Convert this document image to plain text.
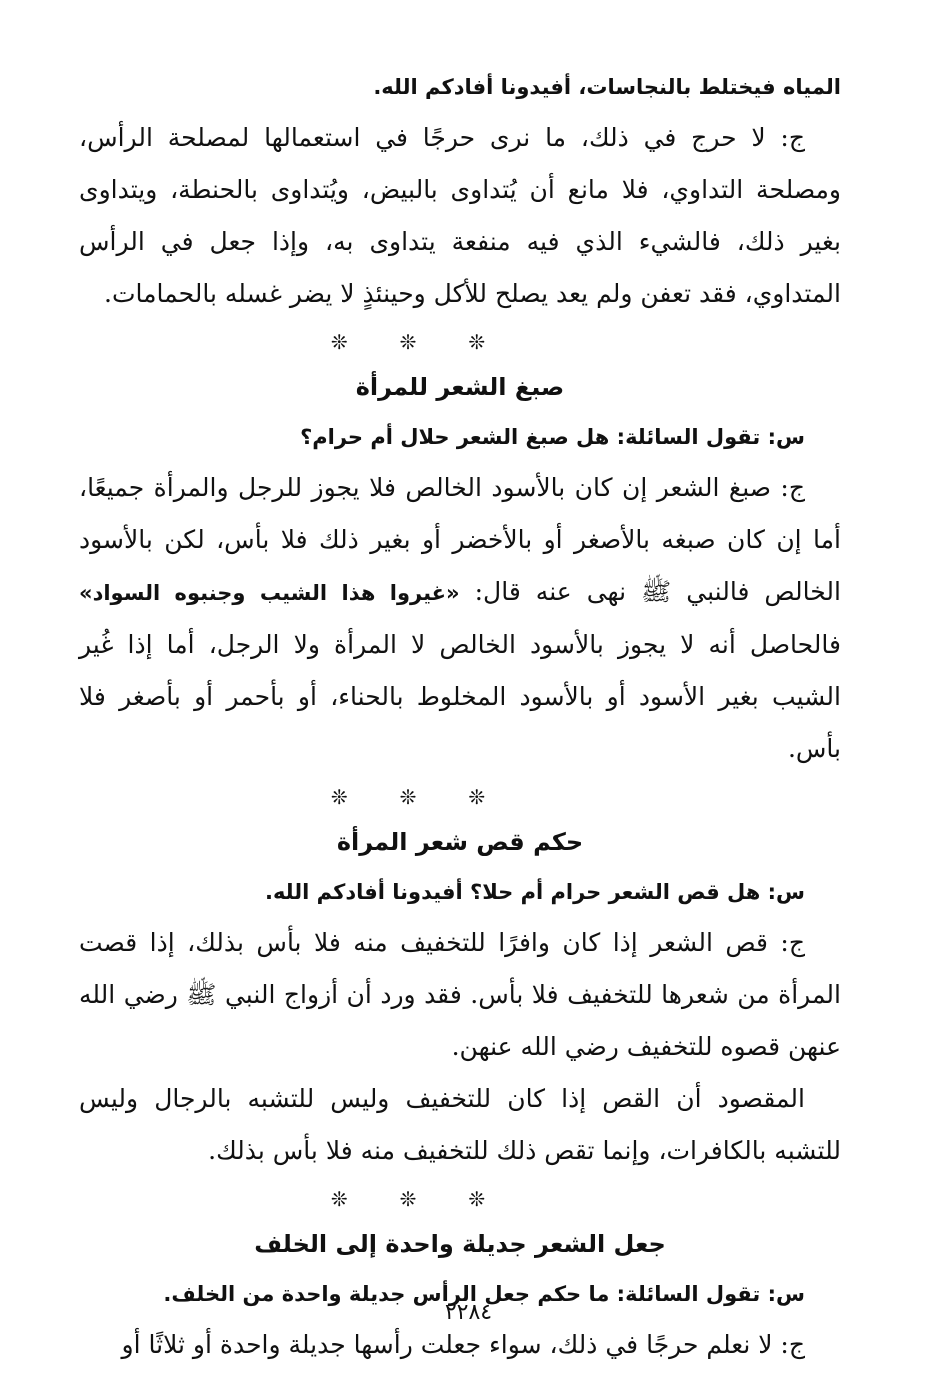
المياه فيختلط بالنجاسات، أفيدونا أفادكم الله.

ج: لا حرج في ذلك، ما نرى حرجًا في استعمالها لمصلحة الرأس، ومصلحة التداوي، فلا مانع أن يُتداوى بالبيض، ويُتداوى بالحنطة، ويتداوى بغير ذلك، فالشيء الذي فيه منفعة يتداوى به، وإذا جعل في الرأس المتداوي، فقد تعفن ولم يعد يصلح للأكل وحينئذٍ لا يضر غسله بالحمامات.

❊❊❊
صبغ الشعر للمرأة

س: تقول السائلة: هل صبغ الشعر حلال أم حرام؟

ج: صبغ الشعر إن كان بالأسود الخالص فلا يجوز للرجل والمرأة جميعًا، أما إن كان صبغه بالأصغر أو بالأخضر أو بغير ذلك فلا بأس، لكن بالأسود الخالص فالنبي ﷺ نهى عنه قال: «غيروا هذا الشيب وجنبوه السواد» فالحاصل أنه لا يجوز بالأسود الخالص لا المرأة ولا الرجل، أما إذا غُير الشيب بغير الأسود أو بالأسود المخلوط بالحناء، أو بأحمر أو بأصغر فلا بأس.

❊❊❊
حكم قص شعر المرأة

س: هل قص الشعر حرام أم حلا؟ أفيدونا أفادكم الله.

ج: قص الشعر إذا كان وافرًا للتخفيف منه فلا بأس بذلك، إذا قصت المرأة من شعرها للتخفيف فلا بأس. فقد ورد أن أزواج النبي ﷺ رضي الله عنهن قصوه للتخفيف رضي الله عنهن.

المقصود أن القص إذا كان للتخفيف وليس للتشبه بالرجال وليس للتشبه بالكافرات، وإنما تقص ذلك للتخفيف منه فلا بأس بذلك.

❊❊❊
جعل الشعر جديلة واحدة إلى الخلف

س: تقول السائلة: ما حكم جعل الرأس جديلة واحدة من الخلف.

ج: لا نعلم حرجًا في ذلك، سواء جعلت رأسها جديلة واحدة أو ثلاثًا أو

٢٢٨٤
